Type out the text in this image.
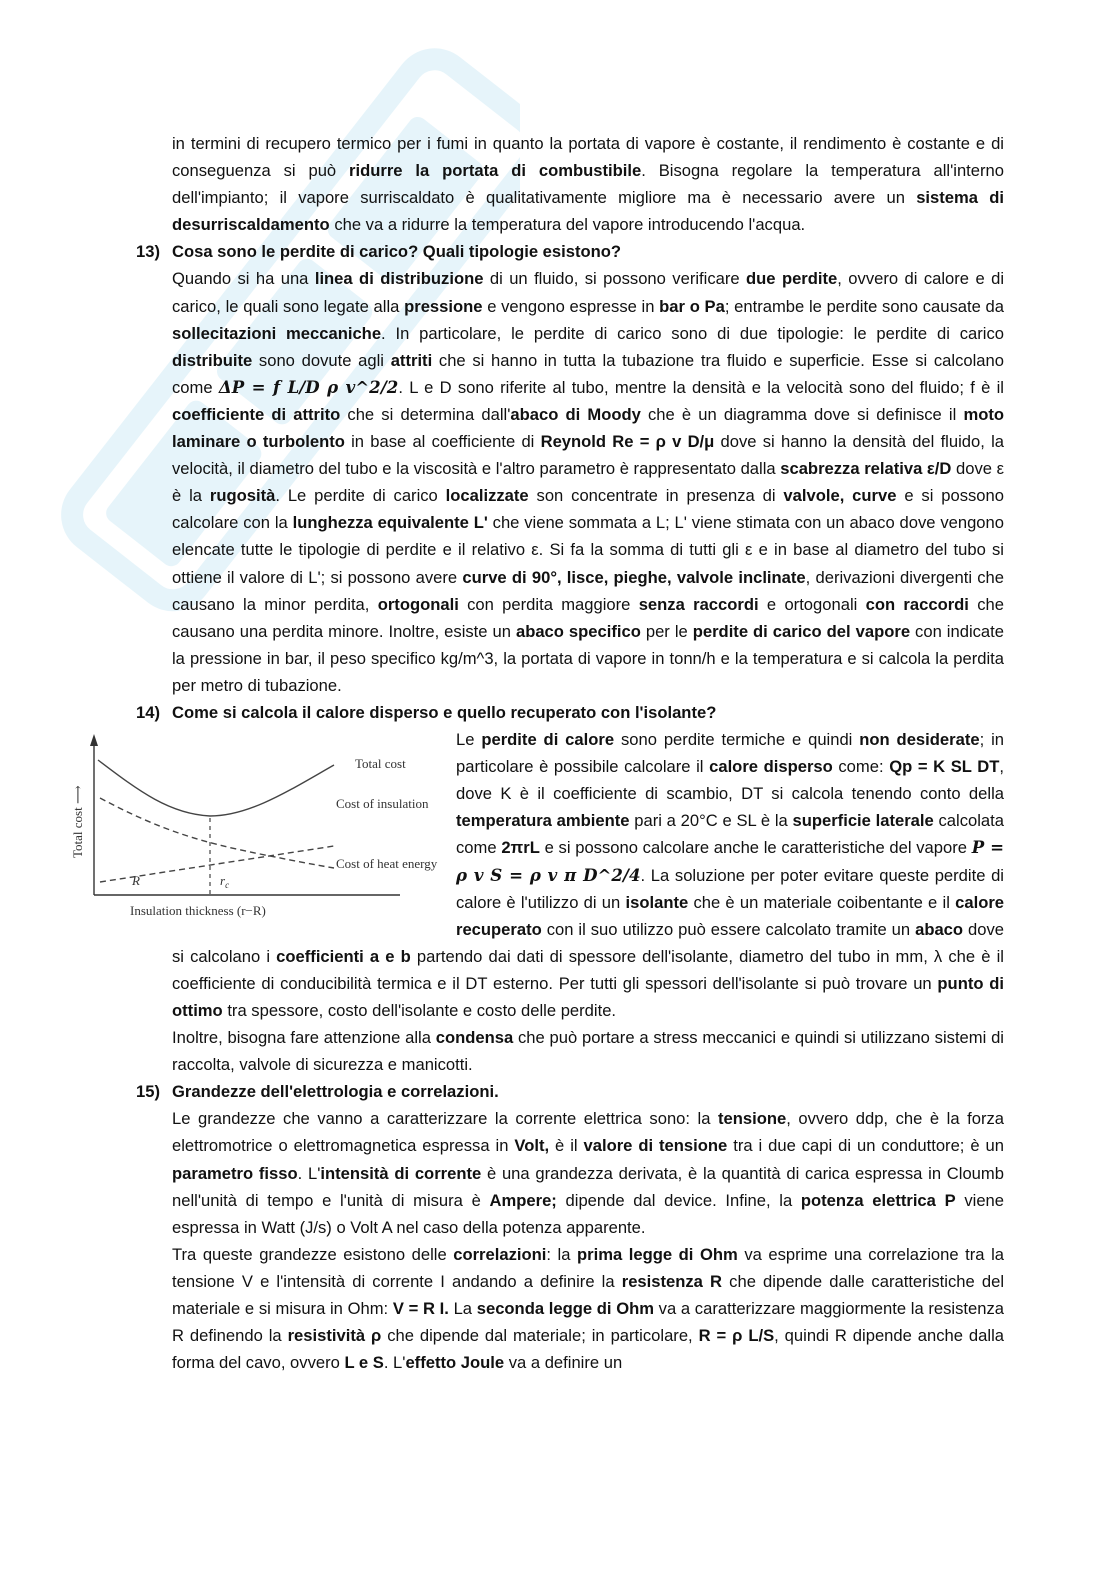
in termini di recupero termico per i fumi in quanto la portata di vapore è costante, il rendimento è costante e di conseguenza si può ridurre la portata di combustibile. Bisogna regolare la temperatura all'interno dell'impianto; il vapore surriscaldato è qualitativamente migliore ma è necessario avere un sistema di desurriscaldamento che va a ridurre la temperatura del vapore introducendo l'acqua.

13) Cosa sono le perdite di carico? Quali tipologie esistono?

Quando si ha una linea di distribuzione di un fluido, si possono verificare due perdite, ovvero di calore e di carico, le quali sono legate alla pressione e vengono espresse in bar o Pa; entrambe le perdite sono causate da sollecitazioni meccaniche. In particolare, le perdite di carico sono di due tipologie: le perdite di carico distribuite sono dovute agli attriti che si hanno in tutta la tubazione tra fluido e superficie. Esse si calcolano come ΔP = f L/D ρ v^2/2. L e D sono riferite al tubo, mentre la densità e la velocità sono del fluido; f è il coefficiente di attrito che si determina dall'abaco di Moody che è un diagramma dove si definisce il moto laminare o turbolento in base al coefficiente di Reynold Re = ρ v D/μ dove si hanno la densità del fluido, la velocità, il diametro del tubo e la viscosità e l'altro parametro è rappresentato dalla scabrezza relativa ε/D dove ε è la rugosità. Le perdite di carico localizzate son concentrate in presenza di valvole, curve e si possono calcolare con la lunghezza equivalente L' che viene sommata a L; L' viene stimata con un abaco dove vengono elencate tutte le tipologie di perdite e il relativo ε. Si fa la somma di tutti gli ε e in base al diametro del tubo si ottiene il valore di L'; si possono avere curve di 90°, lisce, pieghe, valvole inclinate, derivazioni divergenti che causano la minor perdita, ortogonali con perdita maggiore senza raccordi e ortogonali con raccordi che causano una perdita minore. Inoltre, esiste un abaco specifico per le perdite di carico del vapore con indicate la pressione in bar, il peso specifico kg/m^3, la portata di vapore in tonn/h e la temperatura e si calcola la perdita per metro di tubazione.

14) Come si calcola il calore disperso e quello recuperato con l'isolante?

Total cost
Cost of insulation
Cost of heat energy
R	$r_c$
Insulation thickness (r−R)
Total cost ⟶

Le perdite di calore sono perdite termiche e quindi non desiderate; in particolare è possibile calcolare il calore disperso come: Qp = K SL DT, dove K è il coefficiente di scambio, DT si calcola tenendo conto della temperatura ambiente pari a 20°C e SL è la superficie laterale calcolata come 2πrL e si possono calcolare anche le caratteristiche del vapore P = ρ v S = ρ v π D^2/4. La soluzione per poter evitare queste perdite di calore è l'utilizzo di un isolante che è un materiale coibentante e il calore recuperato con il suo utilizzo può essere calcolato tramite un abaco dove si calcolano i coefficienti a e b partendo dai dati di spessore dell'isolante, diametro del tubo in mm, λ che è il coefficiente di conducibilità termica e il DT esterno. Per tutti gli spessori dell'isolante si può trovare un punto di ottimo tra spessore, costo dell'isolante e costo delle perdite.

Inoltre, bisogna fare attenzione alla condensa che può portare a stress meccanici e quindi si utilizzano sistemi di raccolta, valvole di sicurezza e manicotti.

15) Grandezze dell'elettrologia e correlazioni.

Le grandezze che vanno a caratterizzare la corrente elettrica sono: la tensione, ovvero ddp, che è la forza elettromotrice o elettromagnetica espressa in Volt, è il valore di tensione tra i due capi di un conduttore; è un parametro fisso. L'intensità di corrente è una grandezza derivata, è la quantità di carica espressa in Cloumb nell'unità di tempo e l'unità di misura è Ampere; dipende dal device. Infine, la potenza elettrica P viene espressa in Watt (J/s) o Volt A nel caso della potenza apparente.

Tra queste grandezze esistono delle correlazioni: la prima legge di Ohm va esprime una correlazione tra la tensione V e l'intensità di corrente I andando a definire la resistenza R che dipende dalle caratteristiche del materiale e si misura in Ohm: V = R I. La seconda legge di Ohm va a caratterizzare maggiormente la resistenza R definendo la resistività ρ che dipende dal materiale; in particolare, R = ρ L/S, quindi R dipende anche dalla forma del cavo, ovvero L e S. L'effetto Joule va a definire un
